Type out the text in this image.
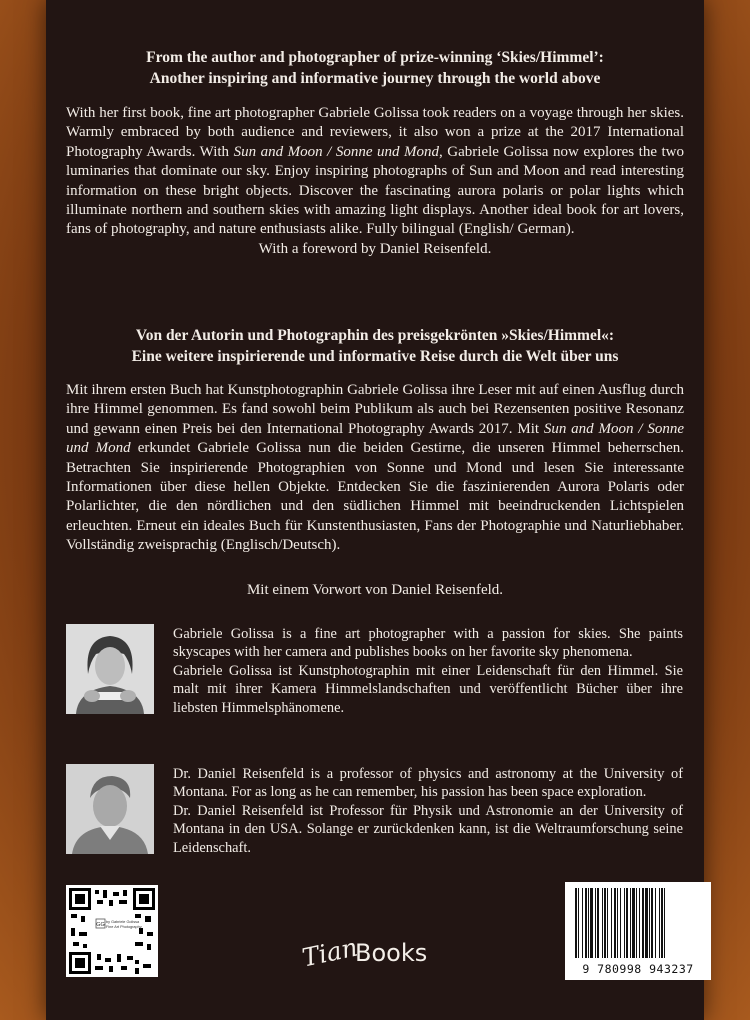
From the author and photographer of prize-winning ‘Skies/Himmel’:
Another inspiring and informative journey through the world above
With her first book, fine art photographer Gabriele Golissa took readers on a voyage through her skies. Warmly embraced by both audience and reviewers, it also won a prize at the 2017 International Photography Awards. With Sun and Moon / Sonne und Mond, Gabriele Golissa now explores the two luminaries that dominate our sky. Enjoy inspiring photographs of Sun and Moon and read interesting information on these bright objects. Discover the fascinating aurora polaris or polar lights which illuminate northern and southern skies with amazing light displays. Another ideal book for art lovers, fans of photography, and nature enthusiasts alike. Fully bilingual (English/ German).
With a foreword by Daniel Reisenfeld.
Von der Autorin und Photographin des preisgekrönten »Skies/Himmel«:
Eine weitere inspirierende und informative Reise durch die Welt über uns
Mit ihrem ersten Buch hat Kunstphotographin Gabriele Golissa ihre Leser mit auf einen Ausflug durch ihre Himmel genommen. Es fand sowohl beim Publikum als auch bei Rezensenten positive Resonanz und gewann einen Preis bei den International Photography Awards 2017. Mit Sun and Moon / Sonne und Mond erkundet Gabriele Golissa nun die beiden Gestirne, die unseren Himmel beherrschen. Betrachten Sie inspirierende Photographien von Sonne und Mond und lesen Sie interessante Informationen über diese hellen Objekte. Entdecken Sie die faszinierenden Aurora Polaris oder Polarlichter, die den nördlichen und den südlichen Himmel mit beeindruckenden Lichtspielen erleuchten. Erneut ein ideales Buch für Kunstenthusiasten, Fans der Photographie und Naturliebhaber. Vollständig zweisprachig (Englisch/Deutsch).
Mit einem Vorwort von Daniel Reisenfeld.
Gabriele Golissa is a fine art photographer with a passion for skies. She paints skyscapes with her camera and publishes books on her favorite sky phenomena.
Gabriele Golissa ist Kunstphotographin mit einer Leidenschaft für den Himmel. Sie malt mit ihrer Kamera Himmelslandschaften und veröffentlicht Bücher über ihre liebsten Himmelsphänomene.
Dr. Daniel Reisenfeld is a professor of physics and astronomy at the University of Montana. For as long as he can remember, his passion has been space exploration.
Dr. Daniel Reisenfeld ist Professor für Physik und Astronomie an der University of Montana in den USA. Solange er zurückdenken kann, ist die Weltraumforschung seine Leidenschaft.
GG by Gabriele Golissa
Fine Art Photography
Tian
Books
9 780998 943237
